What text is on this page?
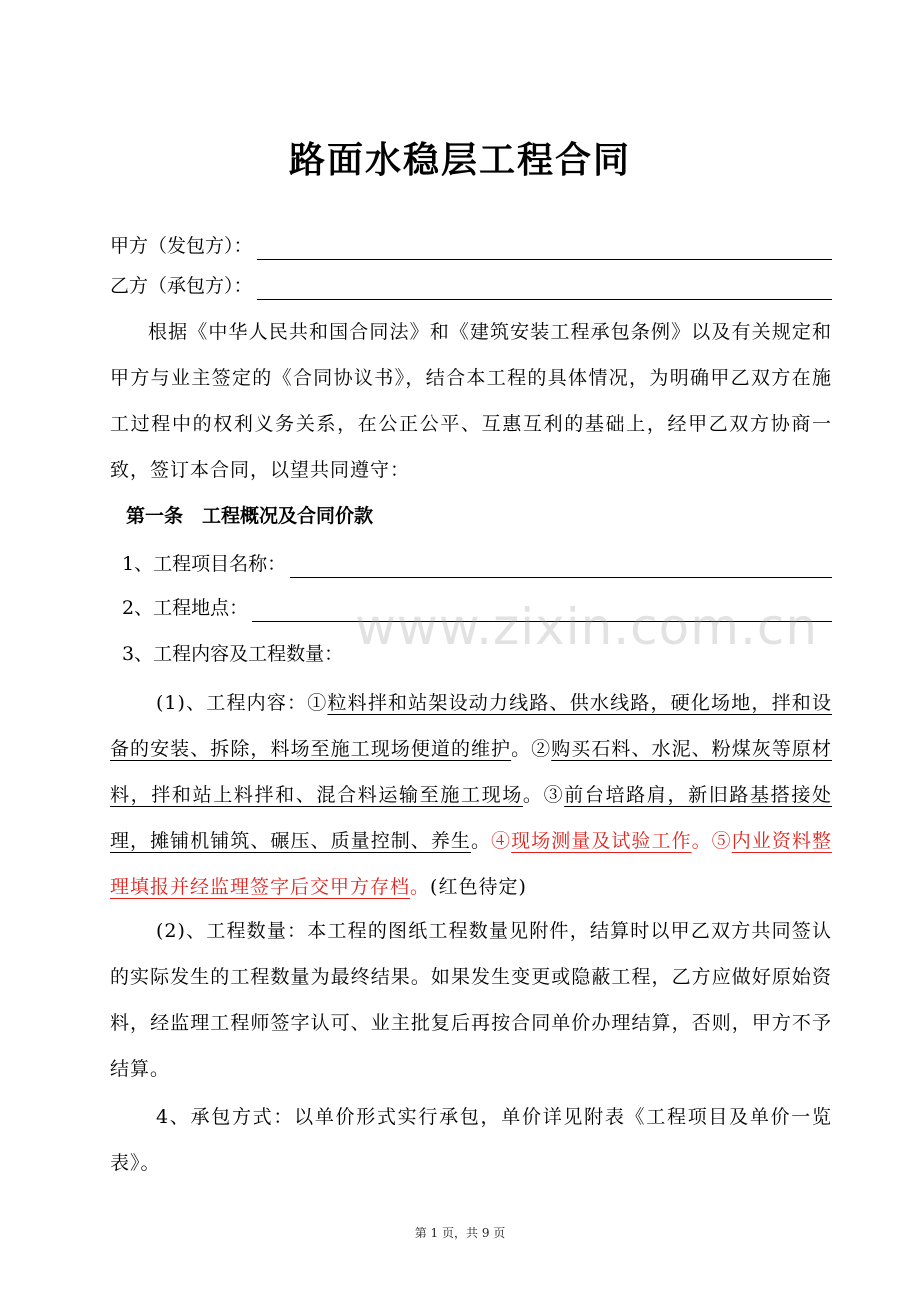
路面水稳层工程合同
甲方（发包方）：
乙方（承包方）：
根据《中华人民共和国合同法》和《建筑安装工程承包条例》以及有关规定和甲方与业主签定的《合同协议书》，结合本工程的具体情况，为明确甲乙双方在施工过程中的权利义务关系，在公正公平、互惠互利的基础上，经甲乙双方协商一致，签订本合同，以望共同遵守：
第一条　工程概况及合同价款
1、工程项目名称：
2、工程地点：
3、工程内容及工程数量：
(1)、工程内容：①粒料拌和站架设动力线路、供水线路，硬化场地，拌和设备的安装、拆除，料场至施工现场便道的维护。②购买石料、水泥、粉煤灰等原材料，拌和站上料拌和、混合料运输至施工现场。③前台培路肩，新旧路基搭接处理，摊铺机铺筑、碾压、质量控制、养生。④现场测量及试验工作。⑤内业资料整理填报并经监理签字后交甲方存档。(红色待定)
(2)、工程数量：本工程的图纸工程数量见附件，结算时以甲乙双方共同签认的实际发生的工程数量为最终结果。如果发生变更或隐蔽工程，乙方应做好原始资料，经监理工程师签字认可、业主批复后再按合同单价办理结算，否则，甲方不予结算。
4、承包方式：以单价形式实行承包，单价详见附表《工程项目及单价一览表》。
www.zixin.com.cn
第 1 页，共 9 页
